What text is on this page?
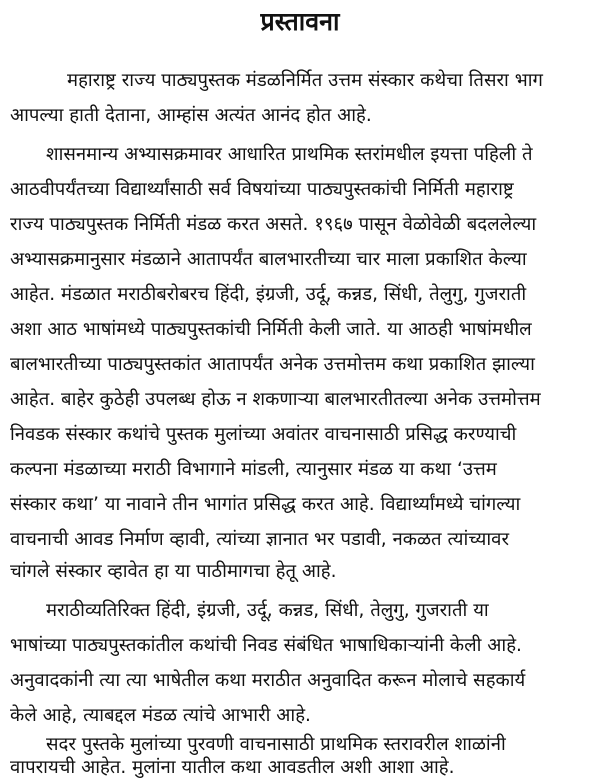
प्रस्तावना
महाराष्ट्र राज्य पाठ्यपुस्तक मंडळनिर्मित उत्तम संस्कार कथेचा तिसरा भाग
आपल्या हाती देताना, आम्हांस अत्यंत आनंद होत आहे.
शासनमान्य अभ्यासक्रमावर आधारित प्राथमिक स्तरांमधील इयत्ता पहिली ते
आठवीपर्यंतच्या विद्यार्थ्यांसाठी सर्व विषयांच्या पाठ्यपुस्तकांची निर्मिती महाराष्ट्र
राज्य पाठ्यपुस्तक निर्मिती मंडळ करत असते. १९६७ पासून वेळोवेळी बदललेल्या
अभ्यासक्रमानुसार मंडळाने आतापर्यंत बालभारतीच्या चार माला प्रकाशित केल्या
आहेत. मंडळात मराठीबरोबरच हिंदी, इंग्रजी, उर्दू, कन्नड, सिंधी, तेलुगु, गुजराती
अशा आठ भाषांमध्ये पाठ्यपुस्तकांची निर्मिती केली जाते. या आठही भाषांमधील
बालभारतीच्या पाठ्यपुस्तकांत आतापर्यंत अनेक उत्तमोत्तम कथा प्रकाशित झाल्या
आहेत. बाहेर कुठेही उपलब्ध होऊ न शकणाऱ्या बालभारतीतल्या अनेक उत्तमोत्तम
निवडक संस्कार कथांचे पुस्तक मुलांच्या अवांतर वाचनासाठी प्रसिद्ध करण्याची
कल्पना मंडळाच्या मराठी विभागाने मांडली, त्यानुसार मंडळ या कथा ‘उत्तम
संस्कार कथा’ या नावाने तीन भागांत प्रसिद्ध करत आहे. विद्यार्थ्यांमध्ये चांगल्या
वाचनाची आवड निर्माण व्हावी, त्यांच्या ज्ञानात भर पडावी, नकळत त्यांच्यावर
चांगले संस्कार व्हावेत हा या पाठीमागचा हेतू आहे.
मराठीव्यतिरिक्त हिंदी, इंग्रजी, उर्दू, कन्नड, सिंधी, तेलुगु, गुजराती या
भाषांच्या पाठ्यपुस्तकांतील कथांची निवड संबंधित भाषाधिकाऱ्यांनी केली आहे.
अनुवादकांनी त्या त्या भाषेतील कथा मराठीत अनुवादित करून मोलाचे सहकार्य
केले आहे, त्याबद्दल मंडळ त्यांचे आभारी आहे.
सदर पुस्तके मुलांच्या पुरवणी वाचनासाठी प्राथमिक स्तरावरील शाळांनी
वापरायची आहेत. मुलांना यातील कथा आवडतील अशी आशा आहे.
